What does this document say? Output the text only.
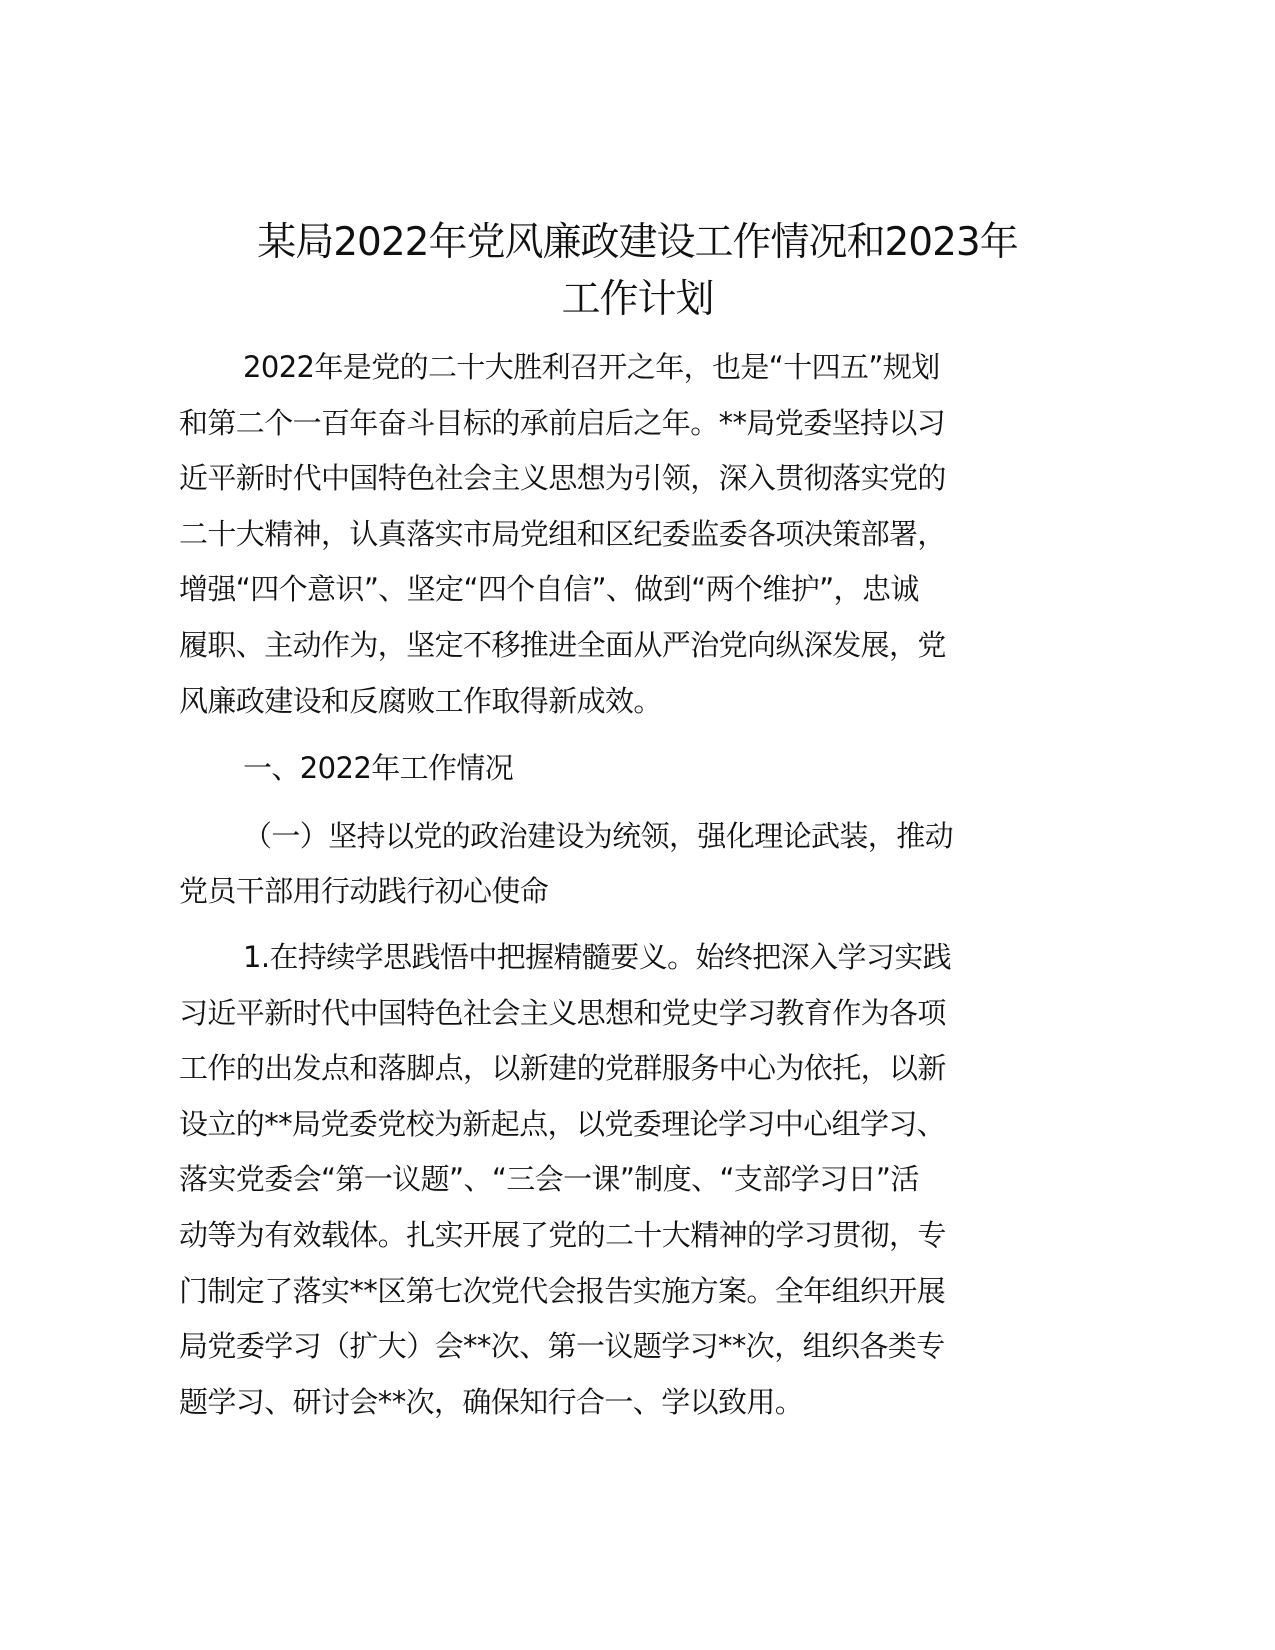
某局2022年党风廉政建设工作情况和2023年
工作计划

2022年是党的二十大胜利召开之年，也是“十四五”规划
和第二个一百年奋斗目标的承前启后之年。**局党委坚持以习
近平新时代中国特色社会主义思想为引领，深入贯彻落实党的
二十大精神，认真落实市局党组和区纪委监委各项决策部署，
增强“四个意识”、坚定“四个自信”、做到“两个维护”，忠诚
履职、主动作为，坚定不移推进全面从严治党向纵深发展，党
风廉政建设和反腐败工作取得新成效。

一、2022年工作情况

（一）坚持以党的政治建设为统领，强化理论武装，推动
党员干部用行动践行初心使命

1.在持续学思践悟中把握精髓要义。始终把深入学习实践
习近平新时代中国特色社会主义思想和党史学习教育作为各项
工作的出发点和落脚点，以新建的党群服务中心为依托，以新
设立的**局党委党校为新起点，以党委理论学习中心组学习、
落实党委会“第一议题”、“三会一课”制度、“支部学习日”活
动等为有效载体。扎实开展了党的二十大精神的学习贯彻，专
门制定了落实**区第七次党代会报告实施方案。全年组织开展
局党委学习（扩大）会**次、第一议题学习**次，组织各类专
题学习、研讨会**次，确保知行合一、学以致用。
